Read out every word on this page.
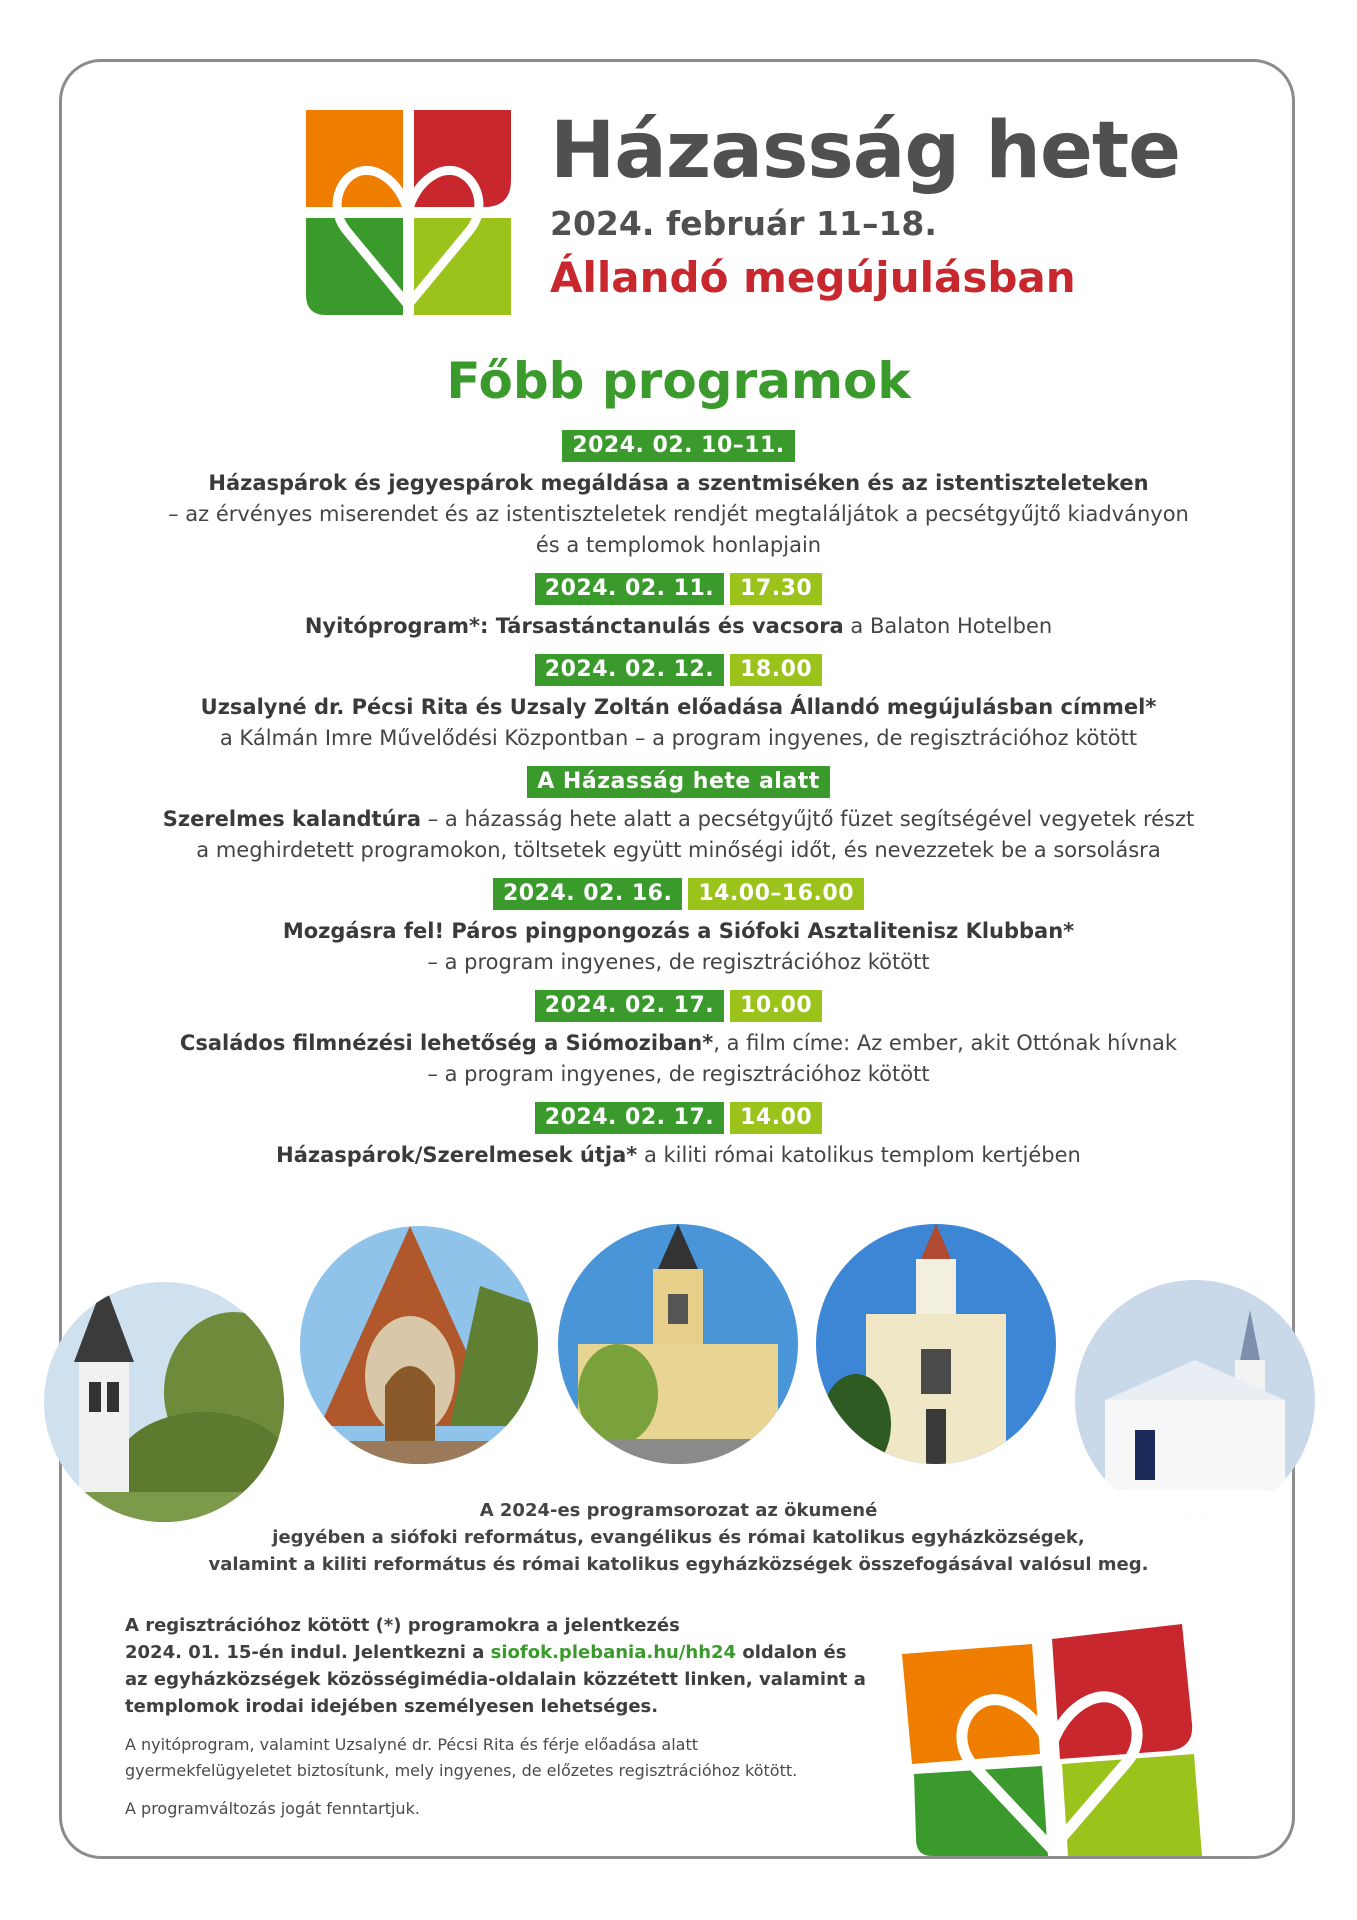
Házasság hete
2024. február 11–18.
Állandó megújulásban
Főbb programok
2024. 02. 10–11.
Házaspárok és jegyespárok megáldása a szentmiséken és az istentiszteleteken
– az érvényes miserendet és az istentiszteletek rendjét megtaláljátok a pecsétgyűjtő kiadványon
és a templomok honlapjain
2024. 02. 11.	17.30
Nyitóprogram*: Társastánctanulás és vacsora a Balaton Hotelben
2024. 02. 12.	18.00
Uzsalyné dr. Pécsi Rita és Uzsaly Zoltán előadása Állandó megújulásban címmel*
a Kálmán Imre Művelődési Központban – a program ingyenes, de regisztrációhoz kötött
A Házasság hete alatt
Szerelmes kalandtúra – a házasság hete alatt a pecsétgyűjtő füzet segítségével vegyetek részt
a meghirdetett programokon, töltsetek együtt minőségi időt, és nevezzetek be a sorsolásra
2024. 02. 16.	14.00–16.00
Mozgásra fel! Páros pingpongozás a Siófoki Asztalitenisz Klubban*
– a program ingyenes, de regisztrációhoz kötött
2024. 02. 17.	10.00
Családos filmnézési lehetőség a Siómoziban*, a film címe: Az ember, akit Ottónak hívnak
– a program ingyenes, de regisztrációhoz kötött
2024. 02. 17.	14.00
Házaspárok/Szerelmesek útja* a kiliti római katolikus templom kertjében
A 2024-es programsorozat az ökumené
jegyében a siófoki református, evangélikus és római katolikus egyházközségek,
valamint a kiliti református és római katolikus egyházközségek összefogásával valósul meg.
A regisztrációhoz kötött (*) programokra a jelentkezés
2024. 01. 15-én indul. Jelentkezni a siofok.plebania.hu/hh24 oldalon és
az egyházközségek közösségimédia-oldalain közzétett linken, valamint a
templomok irodai idejében személyesen lehetséges.
A nyitóprogram, valamint Uzsalyné dr. Pécsi Rita és férje előadása alatt
gyermekfelügyeletet biztosítunk, mely ingyenes, de előzetes regisztrációhoz kötött.
A programváltozás jogát fenntartjuk.
